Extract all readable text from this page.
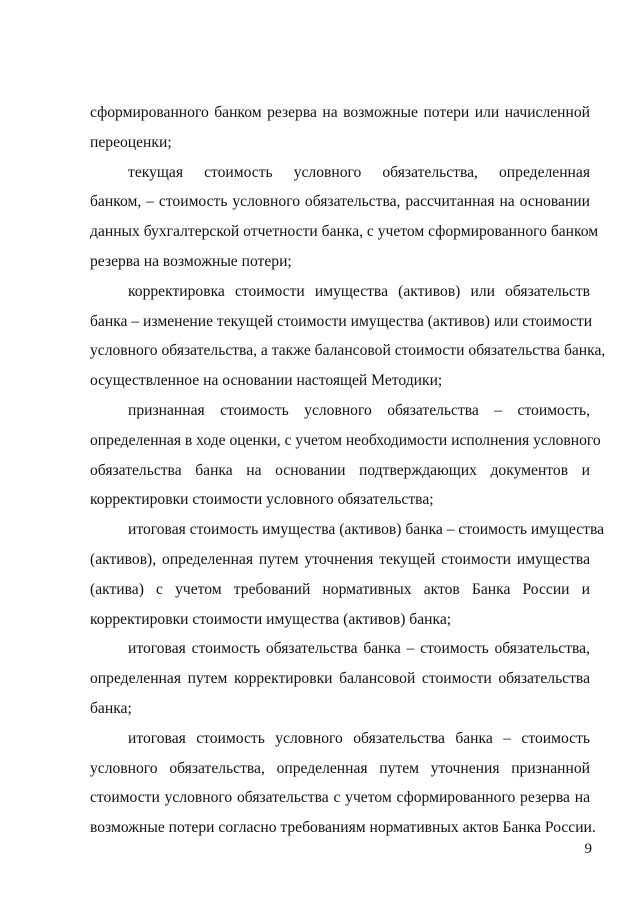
сформированного банком резерва на возможные потери или начисленной
переоценки;
текущая стоимость условного обязательства, определенная
банком, – стоимость условного обязательства, рассчитанная на основании
данных бухгалтерской отчетности банка, с учетом сформированного банком
резерва на возможные потери;
корректировка стоимости имущества (активов) или обязательств
банка – изменение текущей стоимости имущества (активов) или стоимости
условного обязательства, а также балансовой стоимости обязательства банка,
осуществленное на основании настоящей Методики;
признанная стоимость условного обязательства – стоимость,
определенная в ходе оценки, с учетом необходимости исполнения условного
обязательства банка на основании подтверждающих документов и
корректировки стоимости условного обязательства;
итоговая стоимость имущества (активов) банка – стоимость имущества
(активов), определенная путем уточнения текущей стоимости имущества
(актива) с учетом требований нормативных актов Банка России и
корректировки стоимости имущества (активов) банка;
итоговая стоимость обязательства банка – стоимость обязательства,
определенная путем корректировки балансовой стоимости обязательства
банка;
итоговая стоимость условного обязательства банка – стоимость
условного обязательства, определенная путем уточнения признанной
стоимости условного обязательства с учетом сформированного резерва на
возможные потери согласно требованиям нормативных актов Банка России.
9
